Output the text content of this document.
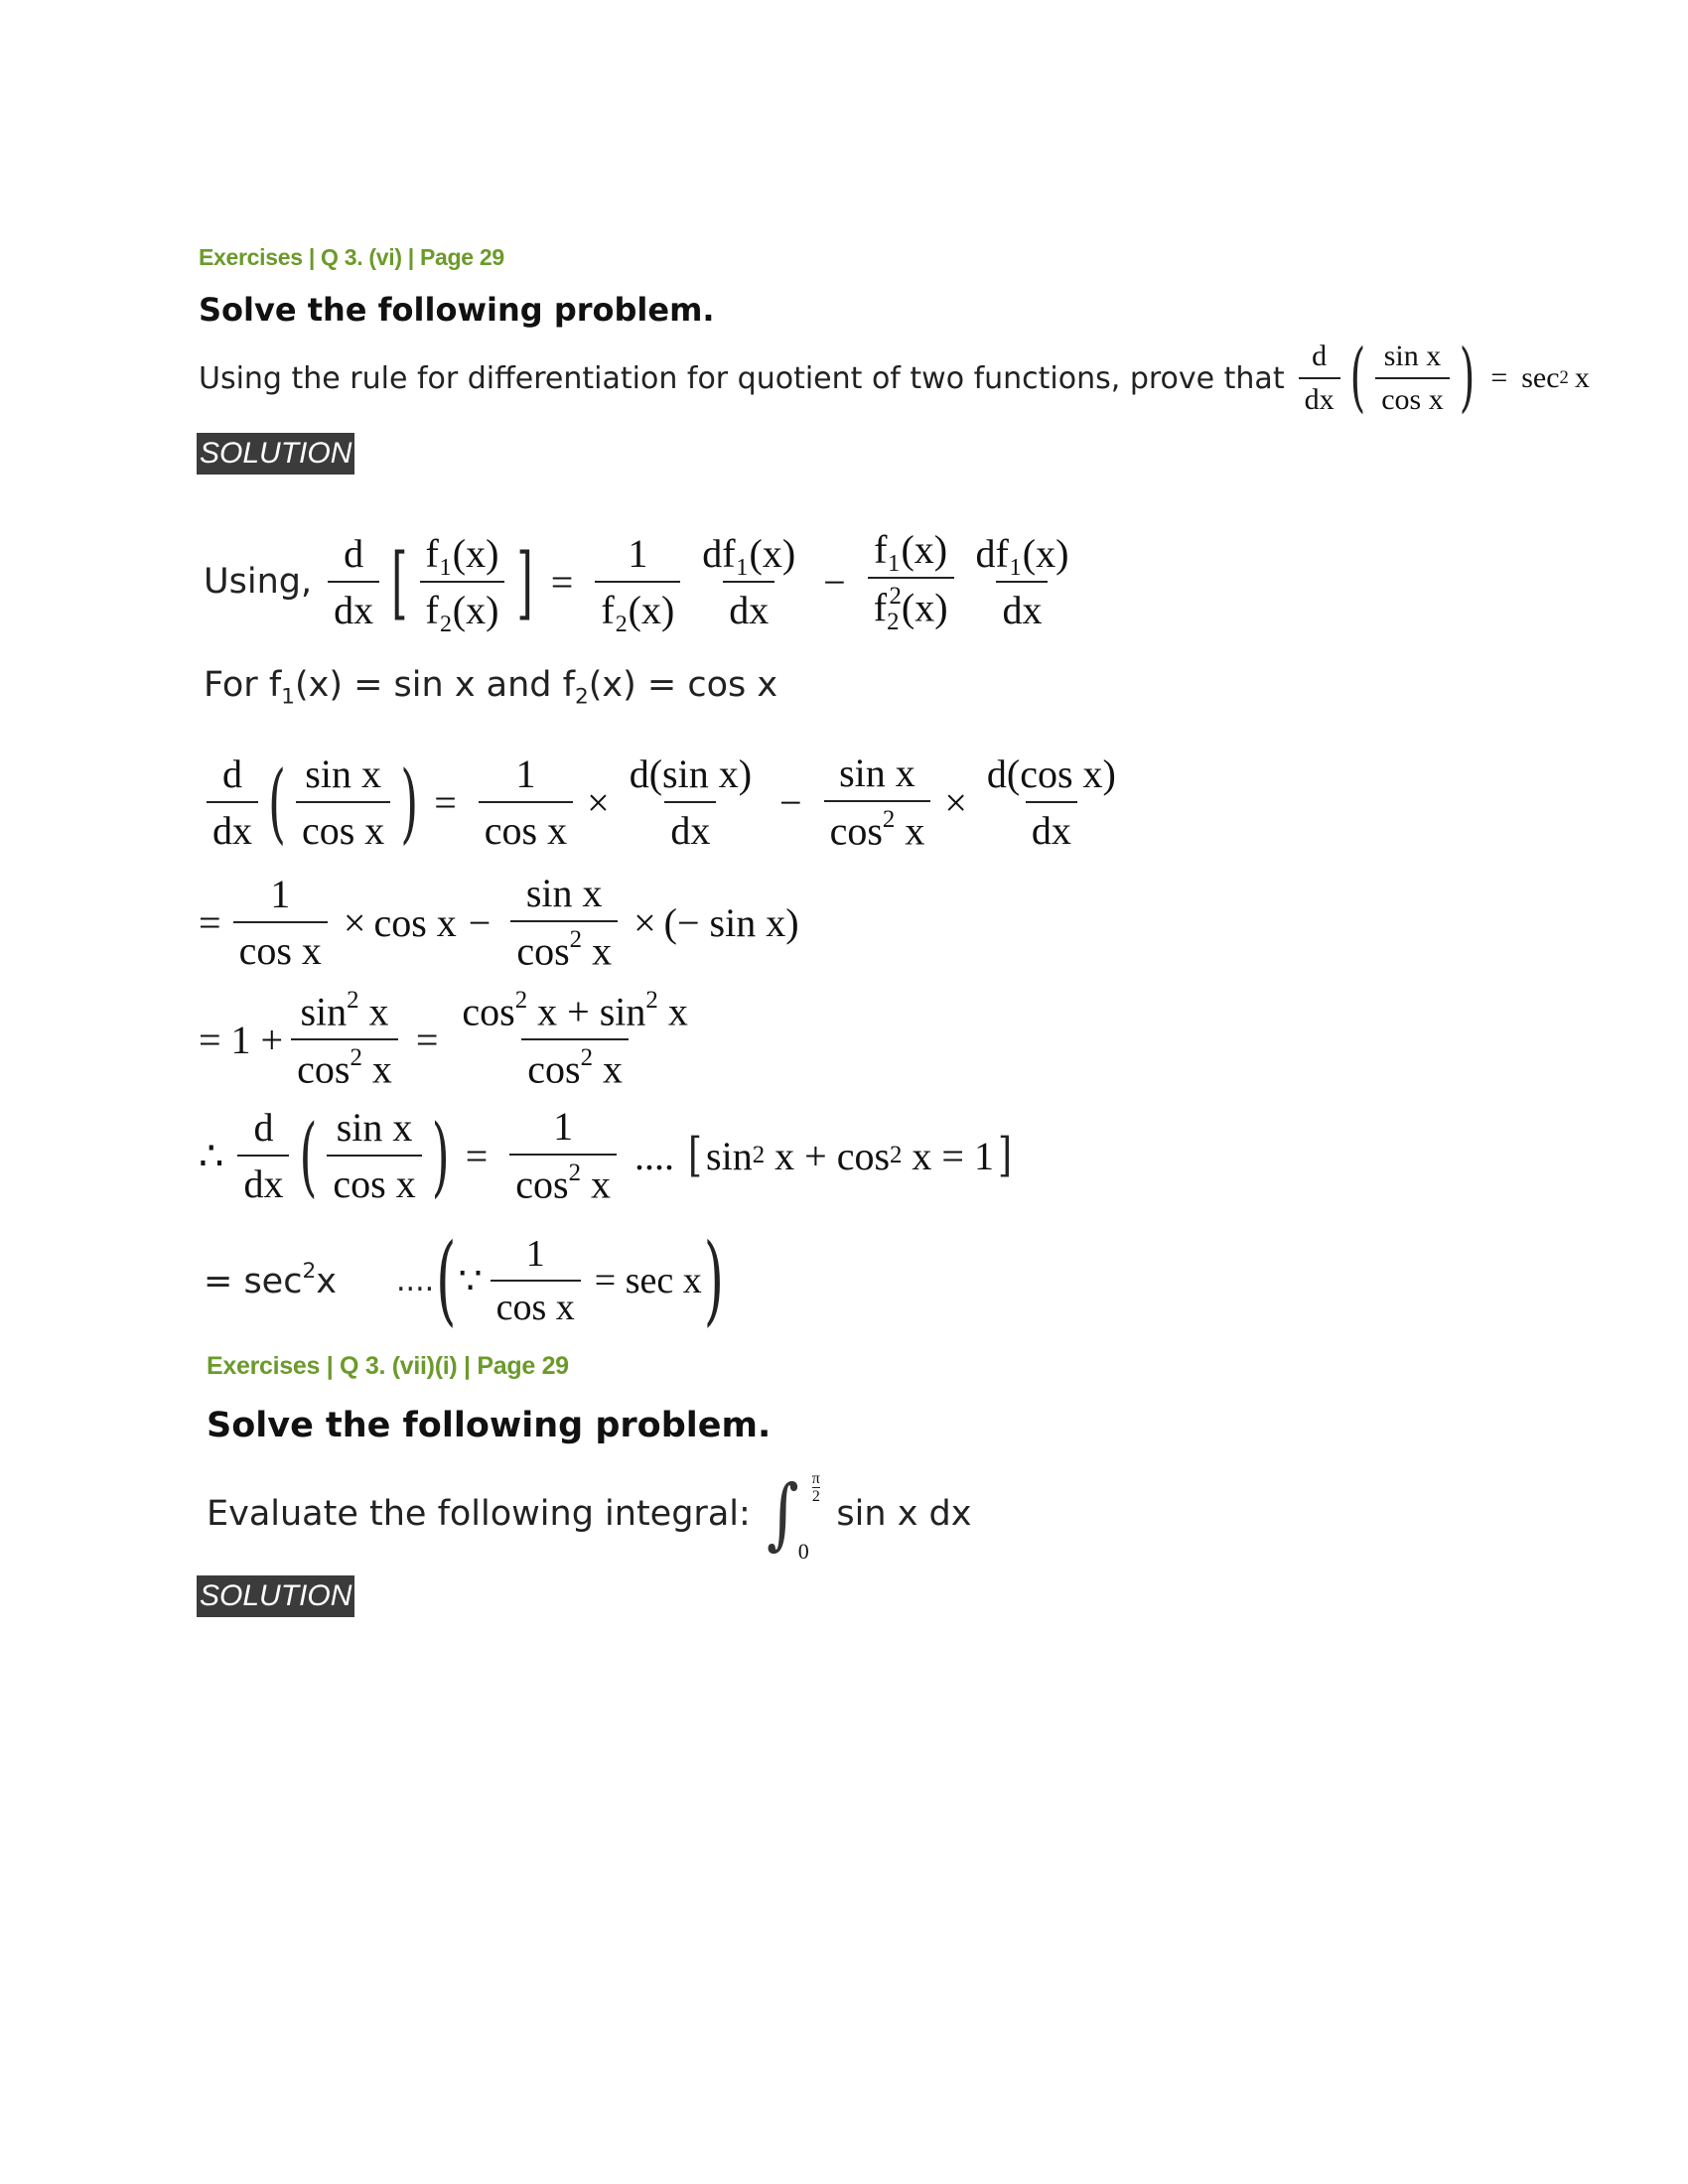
Exercises | Q 3. (vi) | Page 29
Solve the following problem.
Using the rule for differentiation for quotient of two functions, prove that $\frac{d}{dx}$ ( $\frac{\text{sin x}}{\text{cos x}}$ ) = sec 2 x
SOLUTION
Using, $\frac{d}{dx}$ [ $\frac{\text{f₁(x)}}{\text{f₂(x)}}$ ] = $\frac{1}{\text{f₂(x)}} \frac{\text{df₁(x)}}{dx} - \frac{\text{f₁(x)}}{f_2^2(x)} \frac{\text{df₁(x)}}{dx}$
For $f_1(x) = \sin x$ and $f_2(x) = \cos x$
$\frac{d}{dx}$ ( $\frac{\text{sin x}}{\text{cos x}}$ ) = $\frac{1}{\text{cos x}} \times \frac{\text{d(sin x)}}{dx} - \frac{\text{sin x}}{\cos^2 x} \times \frac{\text{d(cos x)}}{dx}$
= $\frac{1}{\text{cos x}} \times \cos x - \frac{\text{sin x}}{\cos^2 x}$ × (− sin x)
= $1 + \frac{\sin^2 x}{\cos^2 x} = \frac{\cos^2 x + \sin^2 x}{\cos^2 x}$
∴ $\frac{d}{dx}$ ( $\frac{\text{sin x}}{\text{cos x}}$ ) = $\frac{1}{\cos^2 x}$ .... [ sin 2
x
+
cos 2
x
= 1 ]
= $\sec^2x$ .... ( ∵ $\frac{1}{\text{cos x}} = \sec x$ )
Exercises | Q 3. (vii)(i) | Page 29
Solve the following problem.
Evaluate the following integral: ∫ π
2
0
sin x dx
SOLUTION
